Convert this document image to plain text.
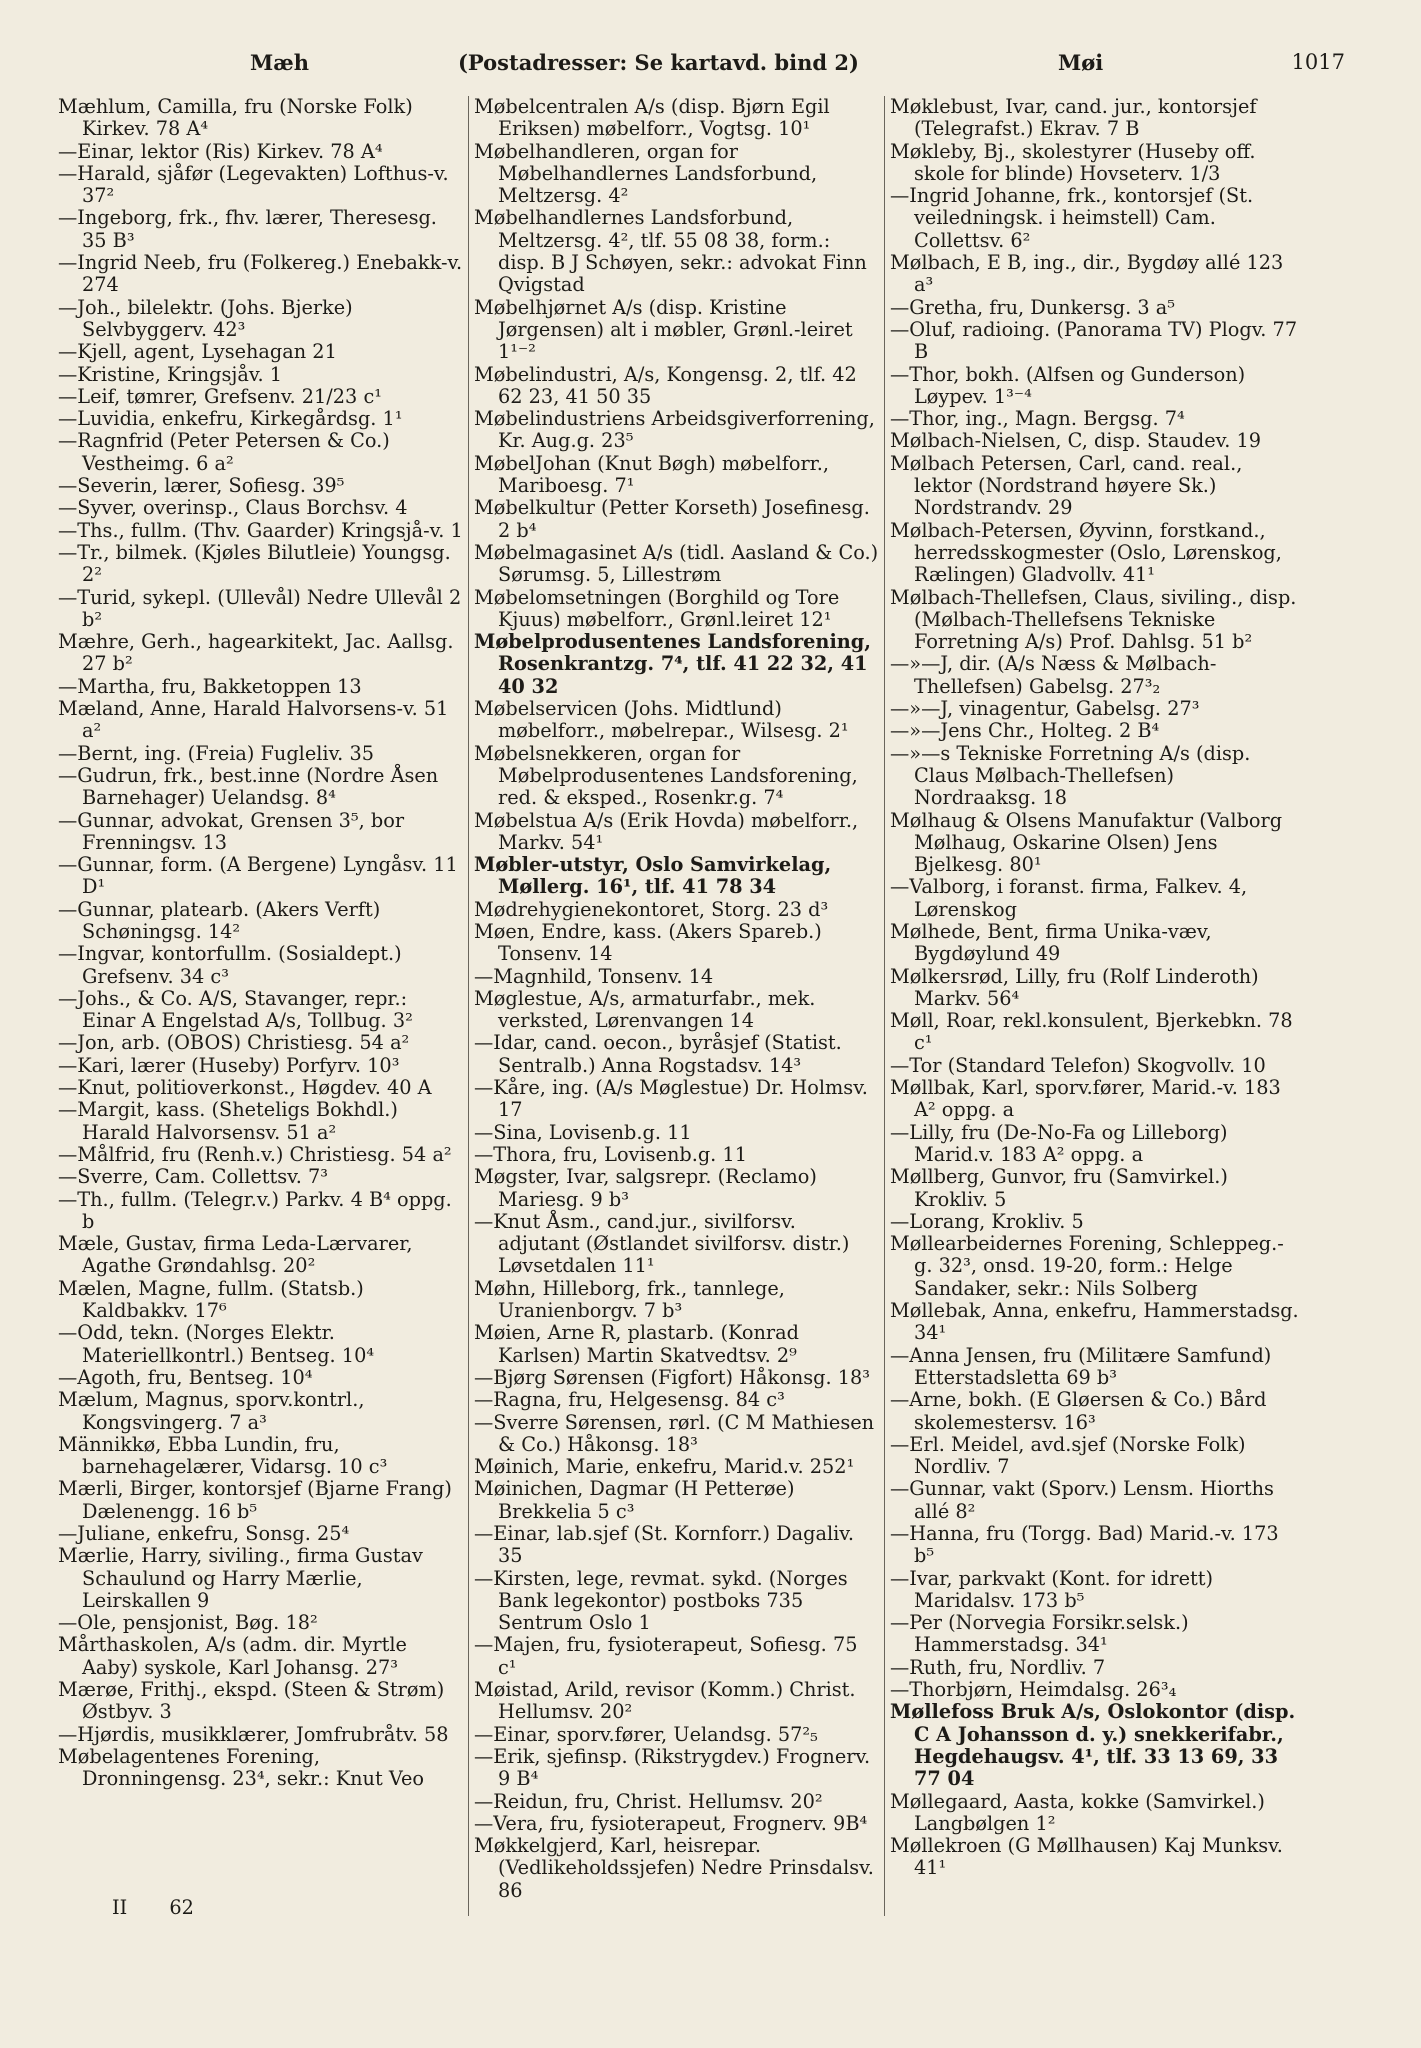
Mæh	(Postadresser: Se kartavd. bind 2)	Møi	1017

Mæhlum, Camilla, fru (Norske Folk) Kirkev. 78 A⁴

—Einar, lektor (Ris) Kirkev. 78 A⁴

—Harald, sjåfør (Legevakten) Lofthus-v. 37²

—Ingeborg, frk., fhv. lærer, Theresesg. 35 B³

—Ingrid Neeb, fru (Folkereg.) Enebakk-v. 274

—Joh., bilelektr. (Johs. Bjerke) Selvbyggerv. 42³

—Kjell, agent, Lysehagan 21

—Kristine, Kringsjåv. 1

—Leif, tømrer, Grefsenv. 21/23 c¹

—Luvidia, enkefru, Kirkegårdsg. 1¹

—Ragnfrid (Peter Petersen & Co.) Vestheimg. 6 a²

—Severin, lærer, Sofiesg. 39⁵

—Syver, overinsp., Claus Borchsv. 4

—Ths., fullm. (Thv. Gaarder) Kringsjå-v. 1

—Tr., bilmek. (Kjøles Bilutleie) Youngsg. 2²

—Turid, sykepl. (Ullevål) Nedre Ullevål 2 b²

Mæhre, Gerh., hagearkitekt, Jac. Aallsg. 27 b²

—Martha, fru, Bakketoppen 13

Mæland, Anne, Harald Halvorsens-v. 51 a²

—Bernt, ing. (Freia) Fugleliv. 35

—Gudrun, frk., best.inne (Nordre Åsen Barnehager) Uelandsg. 8⁴

—Gunnar, advokat, Grensen 3⁵, bor Frenningsv. 13

—Gunnar, form. (A Bergene) Lyngåsv. 11 D¹

—Gunnar, platearb. (Akers Verft) Schøningsg. 14²

—Ingvar, kontorfullm. (Sosialdept.) Grefsenv. 34 c³

—Johs., & Co. A/S, Stavanger, repr.: Einar A Engelstad A/s, Tollbug. 3²

—Jon, arb. (OBOS) Christiesg. 54 a²

—Kari, lærer (Huseby) Porfyrv. 10³

—Knut, politioverkonst., Høgdev. 40 A

—Margit, kass. (Shetelіgs Bokhdl.) Harald Halvorsensv. 51 a²

—Målfrid, fru (Renh.v.) Christiesg. 54 a²

—Sverre, Cam. Collettsv. 7³

—Th., fullm. (Telegr.v.) Parkv. 4 B⁴ oppg. b

Mæle, Gustav, firma Leda-Lærvarer, Agathe Grøndahlsg. 20²

Mælen, Magne, fullm. (Statsb.) Kaldbakkv. 17⁶

—Odd, tekn. (Norges Elektr. Materiellkontrl.) Bentseg. 10⁴

—Agoth, fru, Bentseg. 10⁴

Mælum, Magnus, sporv.kontrl., Kongsvingerg. 7 a³

Männikkø, Ebba Lundin, fru, barnehagelærer, Vidarsg. 10 c³

Mærli, Birger, kontorsjef (Bjarne Frang) Dælenengg. 16 b⁵

—Juliane, enkefru, Sonsg. 25⁴

Mærlie, Harry, siviling., firma Gustav Schaulund og Harry Mærlie, Leirskallen 9

—Ole, pensjonist, Bøg. 18²

Mårthaskolen, A/s (adm. dir. Myrtle Aaby) syskole, Karl Johansg. 27³

Mærøe, Frithj., ekspd. (Steen & Strøm) Østbyv. 3

—Hjørdis, musikklærer, Jomfrubråtv. 58

Møbelagentenes Forening, Dronningensg. 23⁴, sekr.: Knut Veo

Møbelcentralen A/s (disp. Bjørn Egil Eriksen) møbelforr., Vogtsg. 10¹

Møbelhandleren, organ for Møbelhandlernes Landsforbund, Meltzersg. 4²

Møbelhandlernes Landsforbund, Meltzersg. 4², tlf. 55 08 38, form.: disp. B J Schøyen, sekr.: advokat Finn Qvigstad

Møbelhjørnet A/s (disp. Kristine Jørgensen) alt i møbler, Grønl.-leiret 1¹⁻²

Møbelindustri, A/s, Kongensg. 2, tlf. 42 62 23, 41 50 35

Møbelindustriens Arbeidsgiverforrening, Kr. Aug.g. 23⁵

MøbelJohan (Knut Bøgh) møbelforr., Mariboesg. 7¹

Møbelkultur (Petter Korseth) Josefinesg. 2 b⁴

Møbelmagasinet A/s (tidl. Aasland & Co.) Sørumsg. 5, Lillestrøm

Møbelomsetningen (Borghild og Tore Kjuus) møbelforr., Grønl.leiret 12¹

Møbelprodusentenes Landsforening, Rosenkrantzg. 7⁴, tlf. 41 22 32, 41 40 32

Møbelservicen (Johs. Midtlund) møbelforr., møbelrepar., Wilsesg. 2¹

Møbelsnekkeren, organ for Møbelprodusentenes Landsforening, red. & eksped., Rosenkr.g. 7⁴

Møbelstua A/s (Erik Hovda) møbelforr., Markv. 54¹

Møbler-utstyr, Oslo Samvirkelag, Møllerg. 16¹, tlf. 41 78 34

Mødrehygienekontoret, Storg. 23 d³

Møen, Endre, kass. (Akers Spareb.) Tonsenv. 14

—Magnhild, Tonsenv. 14

Møglestue, A/s, armaturfabr., mek. verksted, Lørenvangen 14

—Idar, cand. oecon., byråsjef (Statist. Sentralb.) Anna Rogstadsv. 14³

—Kåre, ing. (A/s Møglestue) Dr. Holmsv. 17

—Sina, Lovisenb.g. 11

—Thora, fru, Lovisenb.g. 11

Møgster, Ivar, salgsrepr. (Reclamo) Mariesg. 9 b³

—Knut Åsm., cand.jur., sivilforsv. adjutant (Østlandet sivilforsv. distr.) Løvsetdalen 11¹

Møhn, Hilleborg, frk., tannlege, Uranienborgv. 7 b³

Møien, Arne R, plastarb. (Konrad Karlsen) Martin Skatvedtsv. 2⁹

—Bjørg Sørensen (Figfort) Håkonsg. 18³

—Ragna, fru, Helgesensg. 84 c³

—Sverre Sørensen, rørl. (C M Mathiesen & Co.) Håkonsg. 18³

Møinich, Marie, enkefru, Marid.v. 252¹

Møinichen, Dagmar (H Petterøe) Brekkelia 5 c³

—Einar, lab.sjef (St. Kornforr.) Dagaliv. 35

—Kirsten, lege, revmat. sykd. (Norges Bank legekontor) postboks 735 Sentrum Oslo 1

—Majen, fru, fysioterapeut, Sofiesg. 75 c¹

Møistad, Arild, revisor (Komm.) Christ. Hellumsv. 20²

—Einar, sporv.fører, Uelandsg. 57²₅

—Erik, sjefinsp. (Rikstrygdev.) Frognerv. 9 B⁴

—Reidun, fru, Christ. Hellumsv. 20²

—Vera, fru, fysioterapeut, Frognerv. 9B⁴

Møkkelgjerd, Karl, heisrepar. (Vedlikeholdssjefen) Nedre Prinsdalsv. 86

Møklebust, Ivar, cand. jur., kontorsjef (Telegrafst.) Ekrav. 7 B

Møkleby, Bj., skolestyrer (Huseby off. skole for blinde) Hovseterv. 1/3

—Ingrid Johanne, frk., kontorsjef (St. veiledningsk. i heimstell) Cam. Collettsv. 6²

Mølbach, E B, ing., dir., Bygdøy allé 123 a³

—Gretha, fru, Dunkersg. 3 a⁵

—Oluf, radioing. (Panorama TV) Plogv. 77 B

—Thor, bokh. (Alfsen og Gunderson) Løypev. 1³⁻⁴

—Thor, ing., Magn. Bergsg. 7⁴

Mølbach-Nielsen, C, disp. Staudev. 19

Mølbach Petersen, Carl, cand. real., lektor (Nordstrand høyere Sk.) Nordstrandv. 29

Mølbach-Petersen, Øyvinn, forstkand., herredsskogmester (Oslo, Lørenskog, Rælingen) Gladvollv. 41¹

Mølbach-Thellefsen, Claus, siviling., disp. (Mølbach-Thellefsens Tekniske Forretning A/s) Prof. Dahlsg. 51 b²

—»—J, dir. (A/s Næss & Mølbach-Thellefsen) Gabelsg. 27³₂

—»—J, vinagentur, Gabelsg. 27³

—»—Jens Chr., Holteg. 2 B⁴

—»—s Tekniske Forretning A/s (disp. Claus Mølbach-Thellefsen) Nordraaksg. 18

Mølhaug & Olsens Manufaktur (Valborg Mølhaug, Oskarine Olsen) Jens Bjelkesg. 80¹

—Valborg, i foranst. firma, Falkev. 4, Lørenskog

Mølhede, Bent, firma Unika-væv, Bygdøylund 49

Mølkersrød, Lilly, fru (Rolf Linderoth) Markv. 56⁴

Møll, Roar, rekl.konsulent, Bjerkebkn. 78 c¹

—Tor (Standard Telefon) Skogvollv. 10

Møllbak, Karl, sporv.fører, Marid.-v. 183 A² oppg. a

—Lilly, fru (De-No-Fa og Lilleborg) Marid.v. 183 A² oppg. a

Møllberg, Gunvor, fru (Samvirkel.) Krokliv. 5

—Lorang, Krokliv. 5

Møllearbeidernes Forening, Schleppeg.-g. 32³, onsd. 19-20, form.: Helge Sandaker, sekr.: Nils Solberg

Møllebak, Anna, enkefru, Hammerstadsg. 34¹

—Anna Jensen, fru (Militære Samfund) Etterstadsletta 69 b³

—Arne, bokh. (E Gløersen & Co.) Bård skolemestersv. 16³

—Erl. Meidel, avd.sjef (Norske Folk) Nordliv. 7

—Gunnar, vakt (Sporv.) Lensm. Hiorths allé 8²

—Hanna, fru (Torgg. Bad) Marid.-v. 173 b⁵

—Ivar, parkvakt (Kont. for idrett) Maridalsv. 173 b⁵

—Per (Norvegia Forsikr.selsk.) Hammerstadsg. 34¹

—Ruth, fru, Nordliv. 7

—Thorbjørn, Heimdalsg. 26³₄

Møllefoss Bruk A/s, Oslokontor (disp. C A Johansson d. y.) snekkerifabr., Hegdehaugsv. 4¹, tlf. 33 13 69, 33 77 04

Møllegaard, Aasta, kokke (Samvirkel.) Langbølgen 1²

Møllekroen (G Møllhausen) Kaj Munksv. 41¹

II 62
